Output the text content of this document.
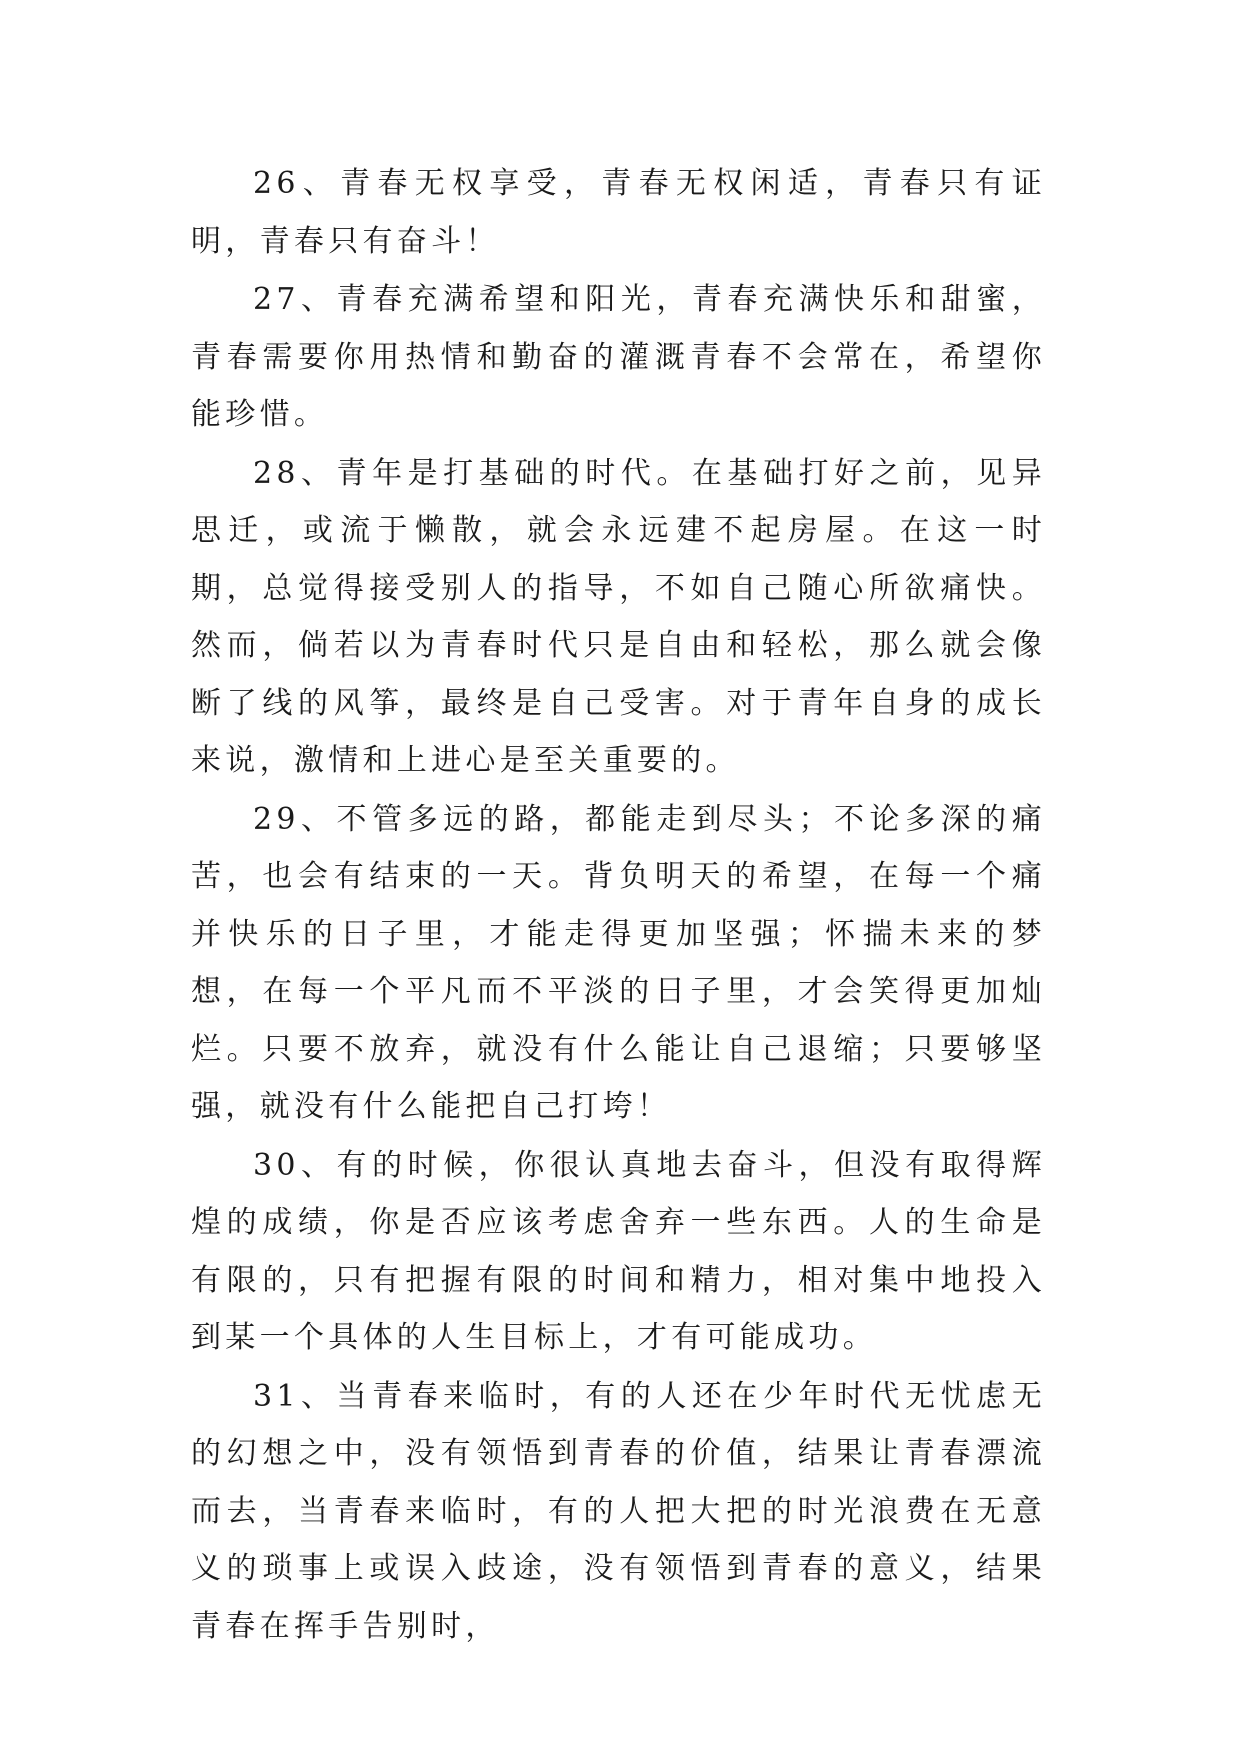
26、青春无权享受，青春无权闲适，青春只有证明，青春只有奋斗！

27、青春充满希望和阳光，青春充满快乐和甜蜜，青春需要你用热情和勤奋的灌溉青春不会常在，希望你能珍惜。

28、青年是打基础的时代。在基础打好之前，见异思迁，或流于懒散，就会永远建不起房屋。在这一时期，总觉得接受别人的指导，不如自己随心所欲痛快。然而，倘若以为青春时代只是自由和轻松，那么就会像断了线的风筝，最终是自己受害。对于青年自身的成长来说，激情和上进心是至关重要的。

29、不管多远的路，都能走到尽头；不论多深的痛苦，也会有结束的一天。背负明天的希望，在每一个痛并快乐的日子里，才能走得更加坚强；怀揣未来的梦想，在每一个平凡而不平淡的日子里，才会笑得更加灿烂。只要不放弃，就没有什么能让自己退缩；只要够坚强，就没有什么能把自己打垮！

30、有的时候，你很认真地去奋斗，但没有取得辉煌的成绩，你是否应该考虑舍弃一些东西。人的生命是有限的，只有把握有限的时间和精力，相对集中地投入到某一个具体的人生目标上，才有可能成功。

31、当青春来临时，有的人还在少年时代无忧虑无的幻想之中，没有领悟到青春的价值，结果让青春漂流而去，当青春来临时，有的人把大把的时光浪费在无意义的琐事上或误入歧途，没有领悟到青春的意义，结果青春在挥手告别时，
